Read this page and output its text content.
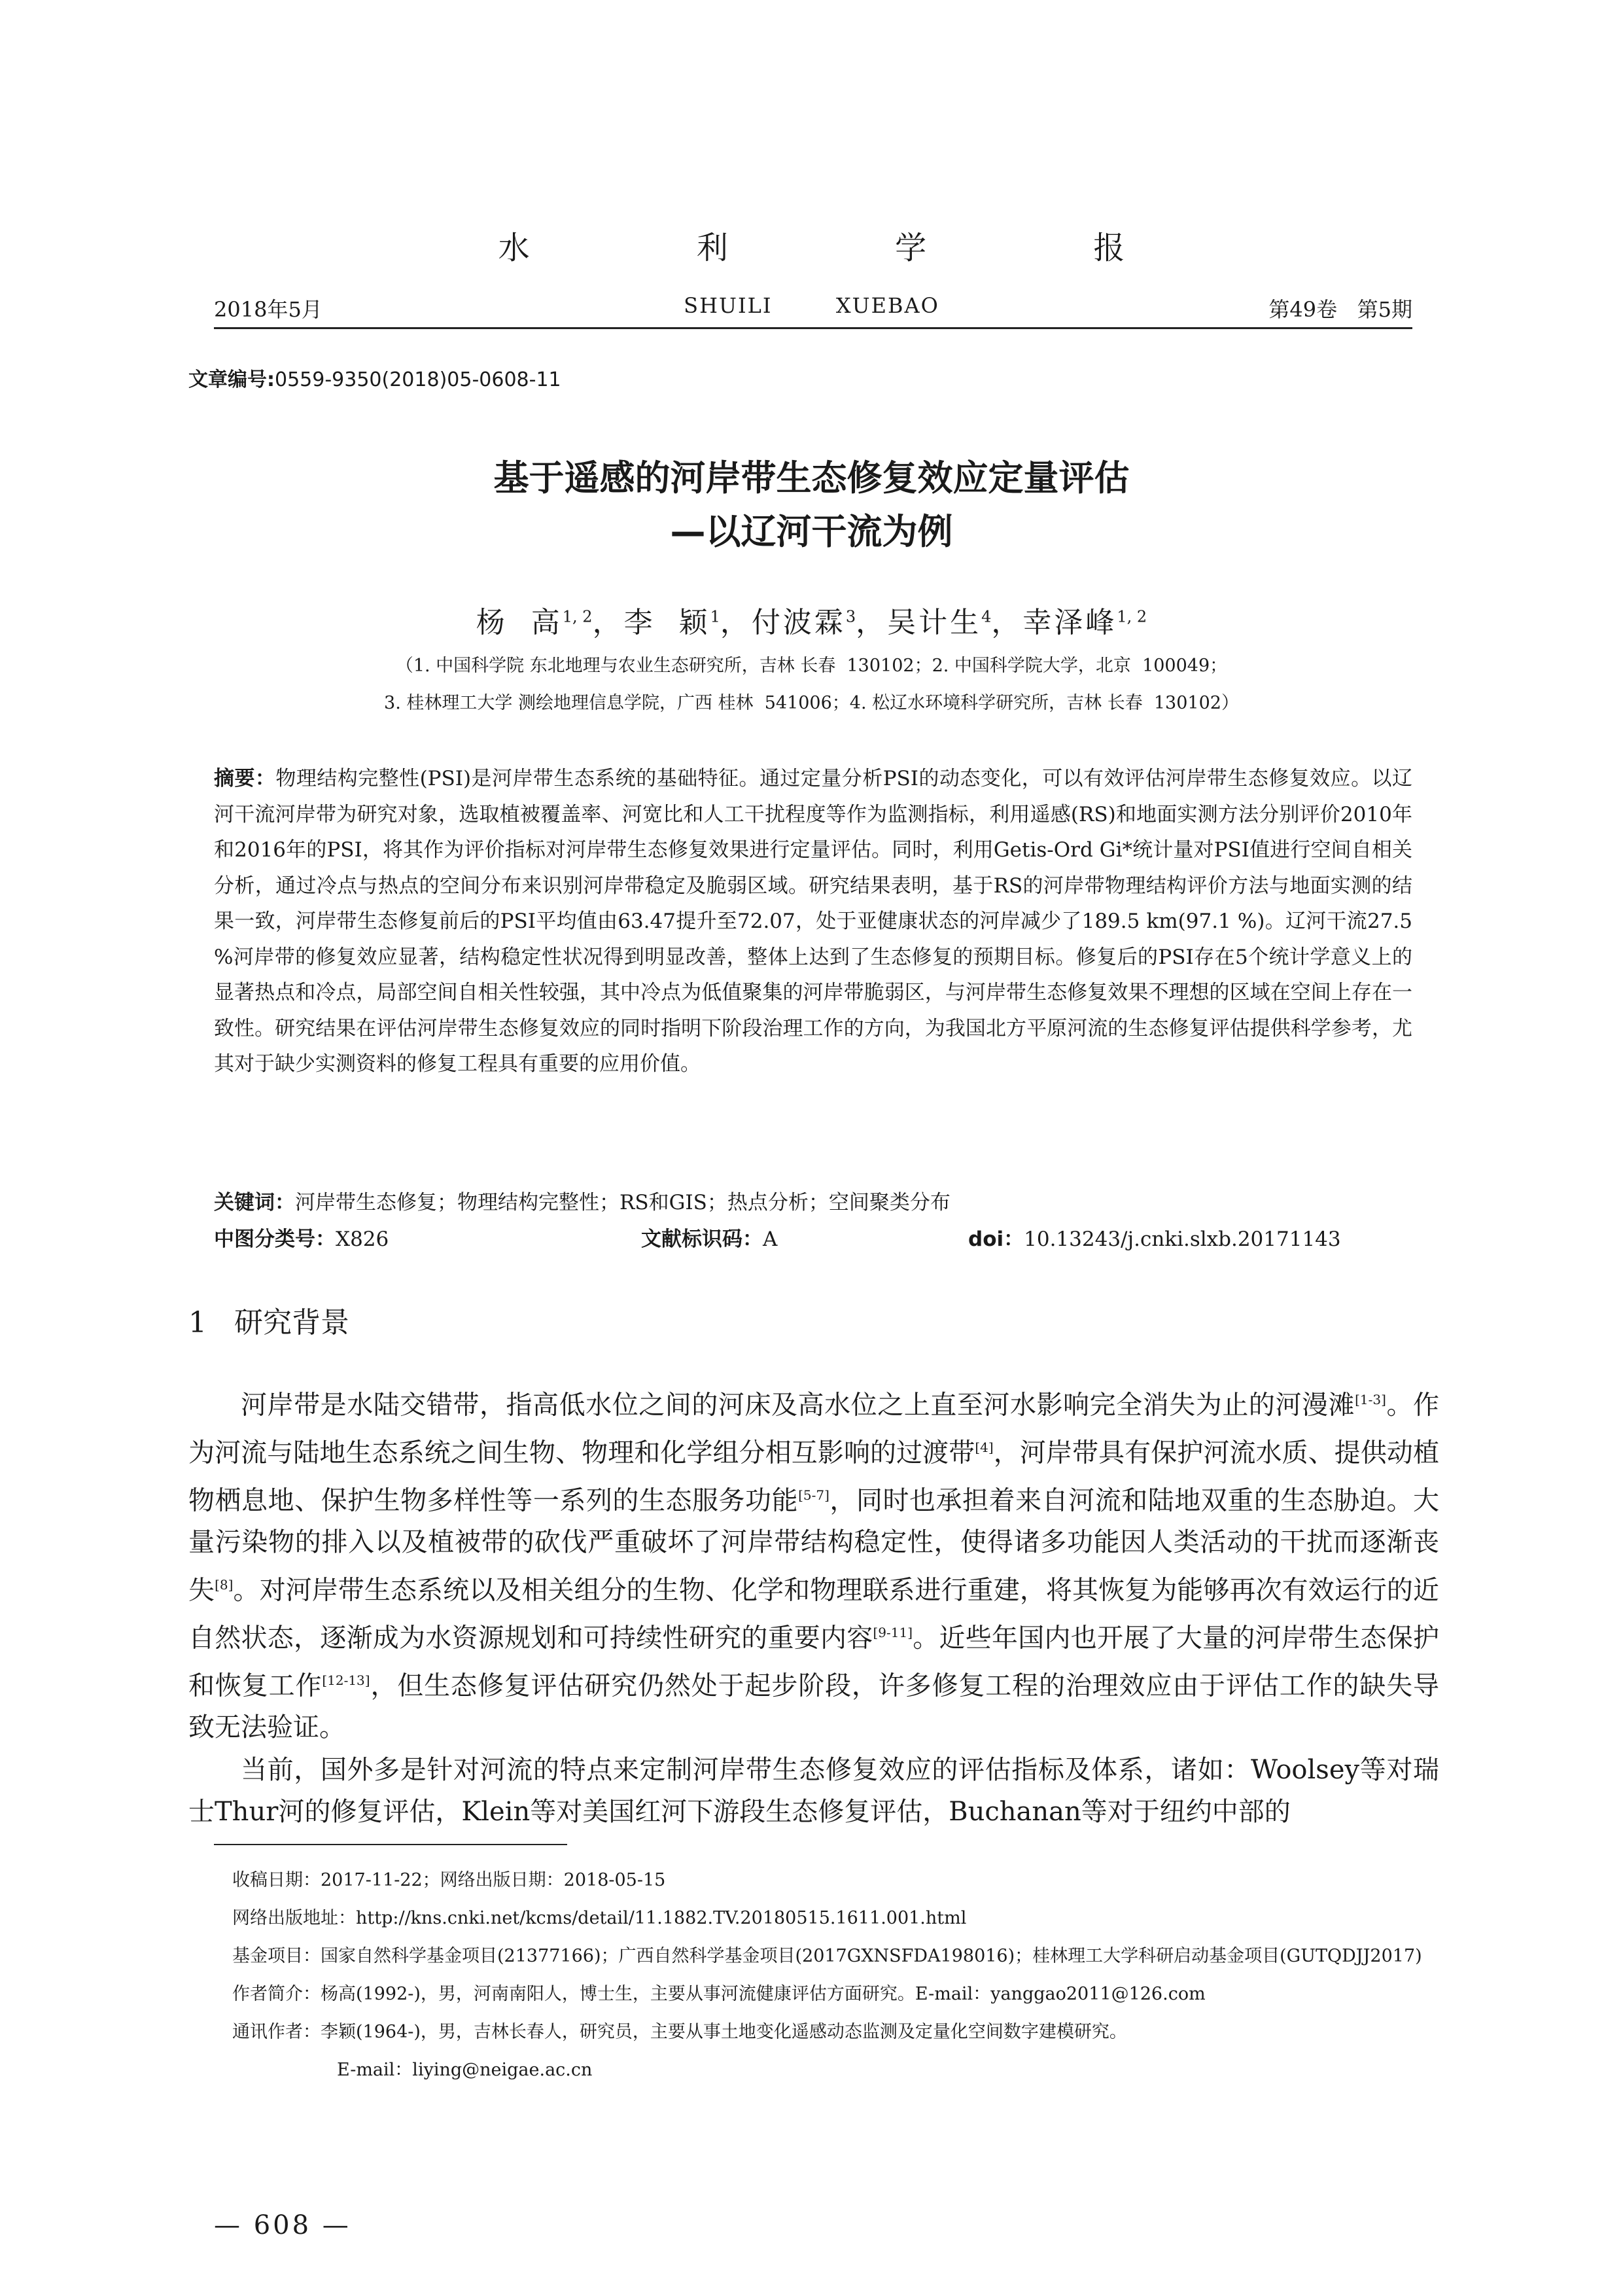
水 利 学 报
2018年5月	SHUILI        XUEBAO	第49卷   第5期
文章编号:0559-9350(2018)05-0608-11
基于遥感的河岸带生态修复效应定量评估
—以辽河干流为例
杨  高$^{1, 2}$，李  颖$^1$，付波霖$^3$，吴计生$^4$，幸泽峰$^{1, 2}$
（1. 中国科学院 东北地理与农业生态研究所，吉林 长春  130102；2. 中国科学院大学，北京  100049；
3. 桂林理工大学 测绘地理信息学院，广西 桂林  541006；4. 松辽水环境科学研究所，吉林 长春  130102）
摘要：物理结构完整性(PSI)是河岸带生态系统的基础特征。通过定量分析PSI的动态变化，可以有效评估河岸带生态修复效应。以辽河干流河岸带为研究对象，选取植被覆盖率、河宽比和人工干扰程度等作为监测指标，利用遥感(RS)和地面实测方法分别评价2010年和2016年的PSI，将其作为评价指标对河岸带生态修复效果进行定量评估。同时，利用Getis-Ord Gi*统计量对PSI值进行空间自相关分析，通过冷点与热点的空间分布来识别河岸带稳定及脆弱区域。研究结果表明，基于RS的河岸带物理结构评价方法与地面实测的结果一致，河岸带生态修复前后的PSI平均值由63.47提升至72.07，处于亚健康状态的河岸减少了189.5 km(97.1 %)。辽河干流27.5 %河岸带的修复效应显著，结构稳定性状况得到明显改善，整体上达到了生态修复的预期目标。修复后的PSI存在5个统计学意义上的显著热点和冷点，局部空间自相关性较强，其中冷点为低值聚集的河岸带脆弱区，与河岸带生态修复效果不理想的区域在空间上存在一致性。研究结果在评估河岸带生态修复效应的同时指明下阶段治理工作的方向，为我国北方平原河流的生态修复评估提供科学参考，尤其对于缺少实测资料的修复工程具有重要的应用价值。
关键词：河岸带生态修复；物理结构完整性；RS和GIS；热点分析；空间聚类分布
中图分类号：X826	文献标识码：A	doi：10.13243/j.cnki.slxb.20171143
1 研究背景

河岸带是水陆交错带，指高低水位之间的河床及高水位之上直至河水影响完全消失为止的河漫滩[1-3]。作为河流与陆地生态系统之间生物、物理和化学组分相互影响的过渡带[4]，河岸带具有保护河流水质、提供动植物栖息地、保护生物多样性等一系列的生态服务功能[5-7]，同时也承担着来自河流和陆地双重的生态胁迫。大量污染物的排入以及植被带的砍伐严重破坏了河岸带结构稳定性，使得诸多功能因人类活动的干扰而逐渐丧失[8]。对河岸带生态系统以及相关组分的生物、化学和物理联系进行重建，将其恢复为能够再次有效运行的近自然状态，逐渐成为水资源规划和可持续性研究的重要内容[9-11]。近些年国内也开展了大量的河岸带生态保护和恢复工作[12-13]，但生态修复评估研究仍然处于起步阶段，许多修复工程的治理效应由于评估工作的缺失导致无法验证。

当前，国外多是针对河流的特点来定制河岸带生态修复效应的评估指标及体系，诸如：Woolsey等对瑞士Thur河的修复评估，Klein等对美国红河下游段生态修复评估，Buchanan等对于纽约中部的

收稿日期：2017-11-22；网络出版日期：2018-05-15

网络出版地址：http://kns.cnki.net/kcms/detail/11.1882.TV.20180515.1611.001.html

基金项目：国家自然科学基金项目(21377166)；广西自然科学基金项目(2017GXNSFDA198016)；桂林理工大学科研启动基金项目(GUTQDJJ2017)

作者简介：杨高(1992-)，男，河南南阳人，博士生，主要从事河流健康评估方面研究。E-mail：yanggao2011@126.com

通讯作者：李颖(1964-)，男，吉林长春人，研究员，主要从事土地变化遥感动态监测及定量化空间数字建模研究。

E-mail：liying@neigae.ac.cn

— 608 —
